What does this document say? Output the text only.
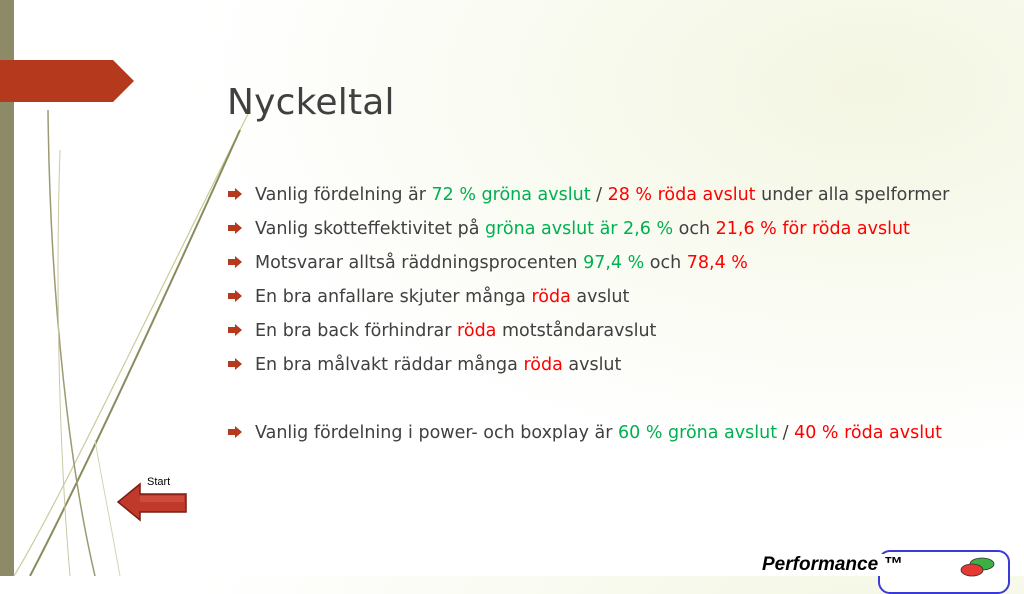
Nyckeltal
Vanlig fördelning är 72 % gröna avslut / 28 % röda avslut under alla spelformer
Vanlig skotteffektivitet på gröna avslut är 2,6 % och 21,6 % för röda avslut
Motsvarar alltså räddningsprocenten 97,4 % och 78,4 %
En bra anfallare skjuter många röda avslut
En bra back förhindrar röda motståndaravslut
En bra målvakt räddar många röda avslut
Vanlig fördelning i power- och boxplay är 60 % gröna avslut / 40 % röda avslut
Start
Performance ™
